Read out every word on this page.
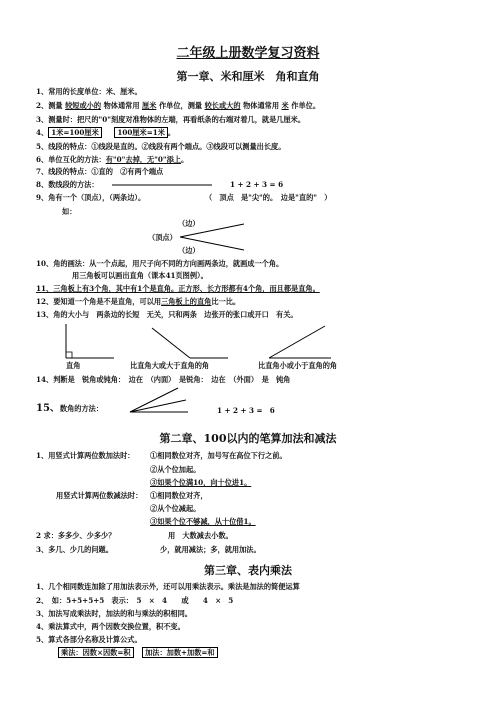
二年级上册数学复习资料
第一章、米和厘米　角和直角
1、常用的长度单位：米、厘米。
2、测量 较短或小的 物体通常用 厘米 作单位，测量 较长或大的 物体通常用 米 作单位。
3、测量时：把尺的"0"刻度对准物体的左端，再看纸条的右端对着几，就是几厘米。
4、 1米=100厘米	100厘米=1米 。
5、线段的特点：①线段是直的。②线段有两个端点。③线段可以测量出长度。
6、单位互化的方法：有"0"去掉，无"0"添上。
7、线段的特点：①直的　②有两个端点
8、数线段的方法：	1 + 2 + 3 = 6
9、角有一个（顶点），（两条边）。	（　顶点　是"尖"的。　边是"直的"　）
如：
（边）
（顶点）
（边）
10、角的画法：从一个点起，用尺子向不同的方向画两条边，就画成一个角。
用三角板可以画出直角（课本41页图例）。
11、三角板上有3个角，其中有1个是直角。正方形、长方形都有4个角，而且都是直角。
12、要知道一个角是不是直角，可以用三角板上的直角比一比。
13、角的大小与　两条边的长短　无关，只和两条　边张开的张口或开口　有关。
直角	比直角大或大于直角的角	比直角小或小于直角的角
14、判断是　锐角或钝角：　边在　（内面）　是锐角：　边在　（外面）　是　钝角
15、数角的方法：	1 + 2 + 3 =　6
第二章、100以内的笔算加法和减法
1、用竖式计算两位数加法时： ①相同数位对齐，加号写在高位下行之前。
②从个位加起。
③如果个位满10，向十位进1。
用竖式计算两位数减法时： ①相同数位对齐，
②从个位减起。
③如果个位不够减，从十位借1。
2 求：多多少、少多少？	用　大数减去小数。
3、多几、少几的问题。	少，就用减法；多，就用加法。
第三章、表内乘法
1、几个相同数连加除了用加法表示外，还可以用乘法表示。乘法是加法的简便运算
2、　如：5+5+5+5　表示：　5　×　4　　或　　4　×　5
3、加法写成乘法时，加法的和与乘法的积相同。
4、乘法算式中，两个因数交换位置，积不变。
5、算式各部分名称及计算公式。
乘法：因数×因数=积 加法：加数+加数=和
